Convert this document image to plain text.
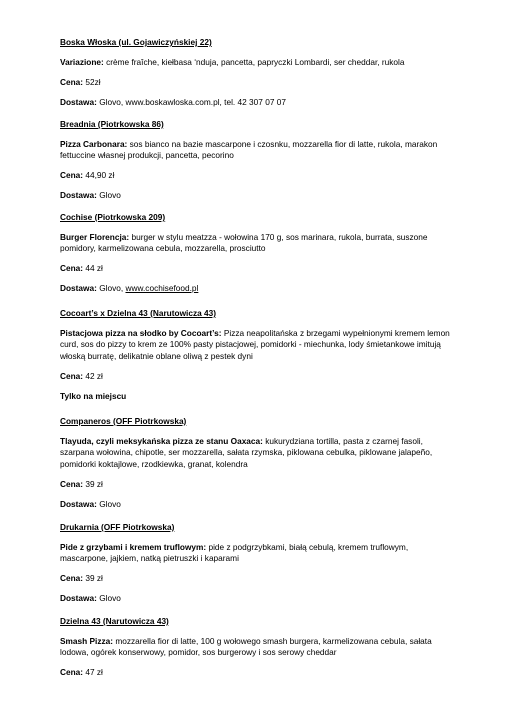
Boska Włoska (ul. Gojawiczyńskiej 22)

Variazione: crème fraîche, kiełbasa ‘nduja, pancetta, papryczki Lombardi, ser cheddar, rukola

Cena: 52zł

Dostawa: Glovo, www.boskawloska.com.pl, tel. 42 307 07 07

Breadnia (Piotrkowska 86)

Pizza Carbonara: sos bianco na bazie mascarpone i czosnku, mozzarella fior di latte, rukola, marakon fettuccine własnej produkcji, pancetta, pecorino

Cena: 44,90 zł

Dostawa: Glovo

Cochise (Piotrkowska 209)

Burger Florencja: burger w stylu meatzza - wołowina 170 g, sos marinara, rukola, burrata, suszone pomidory, karmelizowana cebula, mozzarella, prosciutto

Cena: 44 zł

Dostawa: Glovo, www.cochisefood.pl

Cocoart’s x Dzielna 43 (Narutowicza 43)

Pistacjowa pizza na słodko by Cocoart’s: Pizza neapolitańska z brzegami wypełnionymi kremem lemon curd, sos do pizzy to krem ze 100% pasty pistacjowej, pomidorki - miechunka, lody śmietankowe imitują włoską burratę, delikatnie oblane oliwą z pestek dyni

Cena: 42 zł

Tylko na miejscu

Companeros (OFF Piotrkowska)

Tlayuda, czyli meksykańska pizza ze stanu Oaxaca: kukurydziana tortilla, pasta z czarnej fasoli, szarpana wołowina, chipotle, ser mozzarella, sałata rzymska, piklowana cebulka, piklowane jalapeño, pomidorki koktajlowe, rzodkiewka, granat, kolendra

Cena: 39 zł

Dostawa: Glovo

Drukarnia (OFF Piotrkowska)

Pide z grzybami i kremem truflowym: pide z podgrzybkami, białą cebulą, kremem truflowym, mascarpone, jajkiem, natką pietruszki i kaparami

Cena: 39 zł

Dostawa: Glovo

Dzielna 43 (Narutowicza 43)

Smash Pizza: mozzarella fior di latte, 100 g wołowego smash burgera, karmelizowana cebula, sałata lodowa, ogórek konserwowy, pomidor, sos burgerowy i sos serowy cheddar

Cena: 47 zł
